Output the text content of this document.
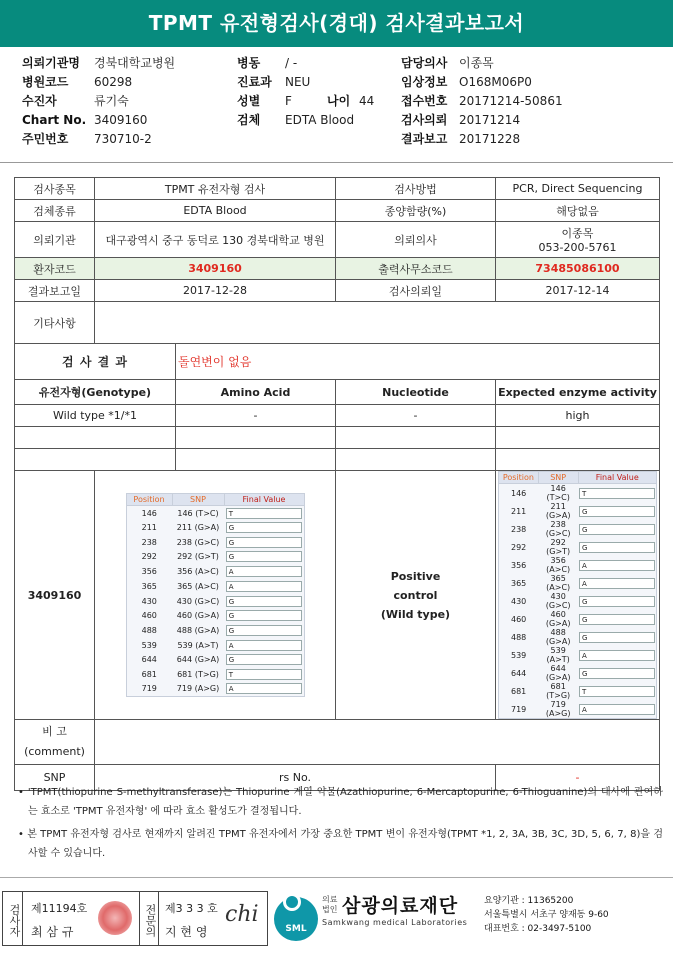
TPMT 유전형검사(경대) 검사결과보고서
의뢰기관명 경북대학교병원
병원코드 60298
수진자	류기숙
Chart No. 3409160
주민번호 730710-2
병동 / -
진료과 NEU
성별 F	나이 44
검체 EDTA Blood
담당의사 이종목
임상정보 O168M06P0
접수번호 20171214-50861
검사의뢰 20171214
결과보고 20171228
검사종목	TPMT 유전자형 검사	검사방법	PCR, Direct Sequencing
검체종류	EDTA Blood	종양함량(%)	해당없음
의뢰기관	대구광역시 중구 동덕로 130 경북대학교 병원	의뢰의사	이종목
053-200-5761

환자코드	3409160	출력사무소코드	73485086100
결과보고일	2017-12-28	검사의뢰일	2017-12-14
기타사항	
검 사 결 과	돌연변이 없음
유전자형(Genotype)	Amino Acid	Nucleotide	Expected enzyme activity
Wild type *1/*1	-	-	high

3409160	
Position	SNP	Final Value
146	146 (T>C)	T

211	211 (G>A)	G

238	238 (G>C)	G

292	292 (G>T)	G

356	356 (A>C)	A

365	365 (A>C)	A

430	430 (G>C)	G

460	460 (G>A)	G

488	488 (G>A)	G

539	539 (A>T)	A

644	644 (G>A)	G

681	681 (T>G)	T

719	719 (A>G)	A

Positive
control
(Wild type)

Position	SNP	Final Value
146	146 (T>C)	T

211	211 (G>A)	G

238	238 (G>C)	G

292	292 (G>T)	G

356	356 (A>C)	A

365	365 (A>C)	A

430	430 (G>C)	G

460	460 (G>A)	G

488	488 (G>A)	G

539	539 (A>T)	A

644	644 (G>A)	G

681	681 (T>G)	T

719	719 (A>G)	A

비 고
(comment)

SNP	rs No.	-

• 'TPMT(thiopurine S-methyltransferase)는 Thiopurine 계열 약물(Azathiopurine, 6-Mercaptopurine, 6-Thioguanine)의 대사에 관여하는 효소로 'TPMT 유전자형' 에 따라 효소 활성도가 결정됩니다.

• 본 TPMT 유전자형 검사로 현재까지 알려진 TPMT 유전자에서 가장 중요한 TPMT 변이 유전자형(TPMT *1, 2, 3A, 3B, 3C, 3D, 5, 6, 7, 8)을 검사할 수 있습니다.

검사자 제11194호
최 삼 규	전문의 제3 3 3 호
지 현 영
chi
SML
의료
법인 삼광의료재단
Samkwang medical Laboratories
요양기관 : 11365200
서울특별시 서초구 양재동 9-60
대표번호 : 02-3497-5100
